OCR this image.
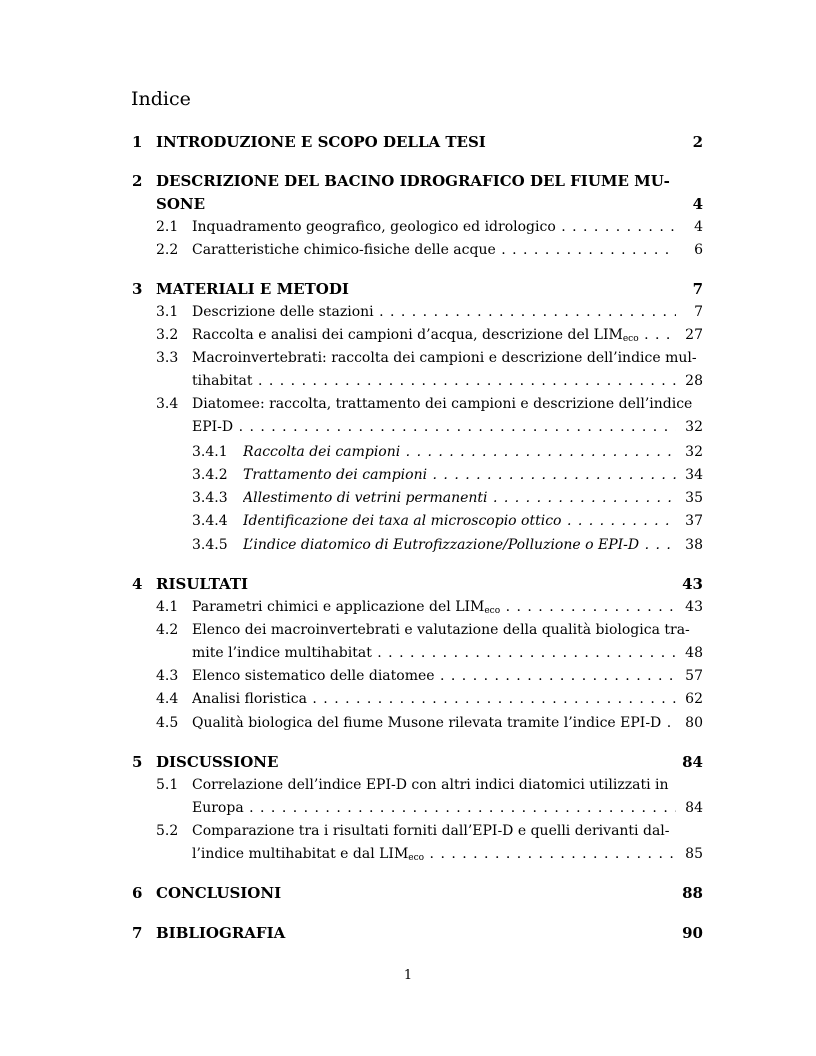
Indice
1 INTRODUZIONE E SCOPO DELLA TESI	2
2 DESCRIZIONE DEL BACINO IDROGRAFICO DEL FIUME MU-
SONE	4
2.1 Inquadramento geografico, geologico ed idrologico . . .	4
2.2 Caratteristiche chimico-fisiche delle acque . . .	6
3 MATERIALI E METODI	7
3.1 Descrizione delle stazioni . . .	7
3.2 Raccolta e analisi dei campioni d’acqua, descrizione del $LIM_{eco}$ . . .	27
3.3 Macroinvertebrati: raccolta dei campioni e descrizione dell’indice mul-
tihabitat . . .	28
3.4 Diatomee: raccolta, trattamento dei campioni e descrizione dell’indice
EPI-D . . .	32
3.4.1 Raccolta dei campioni . . .	32
3.4.2 Trattamento dei campioni . . .	34
3.4.3 Allestimento di vetrini permanenti . . .	35
3.4.4 Identificazione dei taxa al microscopio ottico . . .	37
3.4.5 L’indice diatomico di Eutrofizzazione/Polluzione o EPI-D . . .	38
4 RISULTATI	43
4.1 Parametri chimici e applicazione del $LIM_{eco}$ . . .	43
4.2 Elenco dei macroinvertebrati e valutazione della qualità biologica tra-
mite l’indice multihabitat . . .	48
4.3 Elenco sistematico delle diatomee . . .	57
4.4 Analisi floristica . . .	62
4.5 Qualità biologica del fiume Musone rilevata tramite l’indice EPI-D . . .	80
5 DISCUSSIONE	84
5.1 Correlazione dell’indice EPI-D con altri indici diatomici utilizzati in
Europa . . .	84
5.2 Comparazione tra i risultati forniti dall’EPI-D e quelli derivanti dal-
l’indice multihabitat e dal $LIM_{eco}$ . . .	85
6 CONCLUSIONI	88
7 BIBLIOGRAFIA	90
1
